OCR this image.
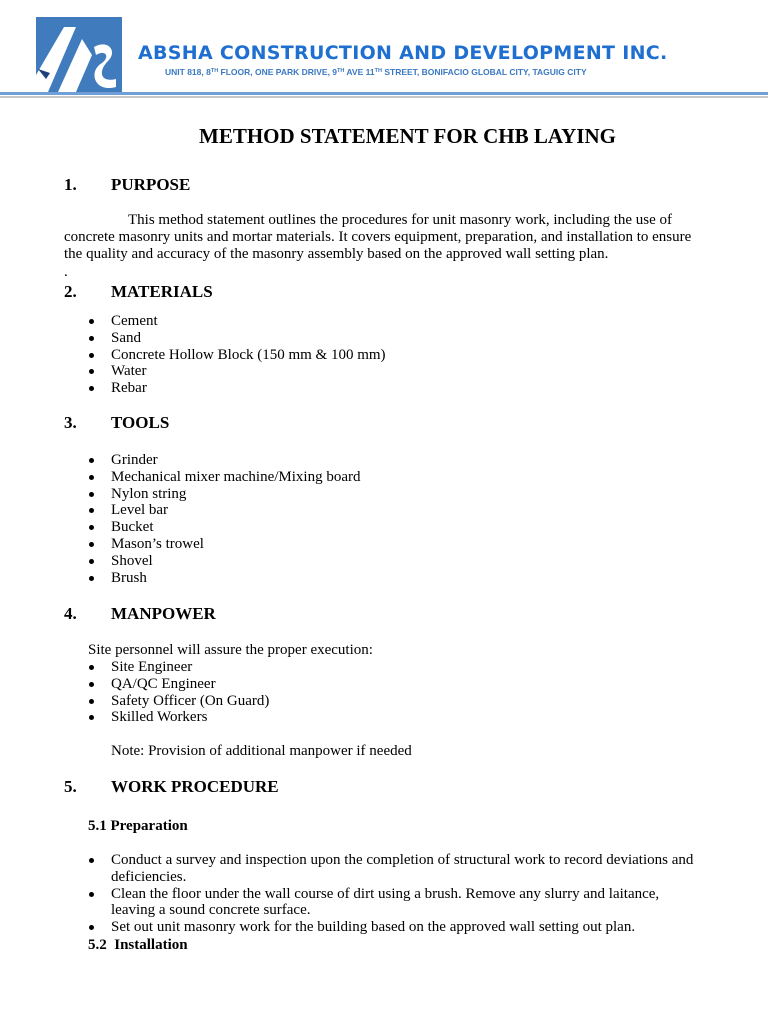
ABSHA CONSTRUCTION AND DEVELOPMENT INC.
UNIT 818, 8TH FLOOR, ONE PARK DRIVE, 9TH AVE 11TH STREET, BONIFACIO GLOBAL CITY, TAGUIG CITY
METHOD STATEMENT FOR CHB LAYING
1. PURPOSE

This method statement outlines the procedures for unit masonry work, including the use of concrete masonry units and mortar materials. It covers equipment, preparation, and installation to ensure the quality and accuracy of the masonry assembly based on the approved wall setting plan.

.

2. MATERIALS
Cement
Sand
Concrete Hollow Block (150 mm & 100 mm)
Water
Rebar
3. TOOLS
Grinder
Mechanical mixer machine/Mixing board
Nylon string
Level bar
Bucket
Mason’s trowel
Shovel
Brush
4. MANPOWER

Site personnel will assure the proper execution:

Site Engineer
QA/QC Engineer
Safety Officer (On Guard)
Skilled Workers

Note: Provision of additional manpower if needed

5. WORK PROCEDURE

5.1 Preparation

Conduct a survey and inspection upon the completion of structural work to record deviations and deficiencies.
Clean the floor under the wall course of dirt using a brush. Remove any slurry and laitance, leaving a sound concrete surface.
Set out unit masonry work for the building based on the approved wall setting out plan.

5.2  Installation
